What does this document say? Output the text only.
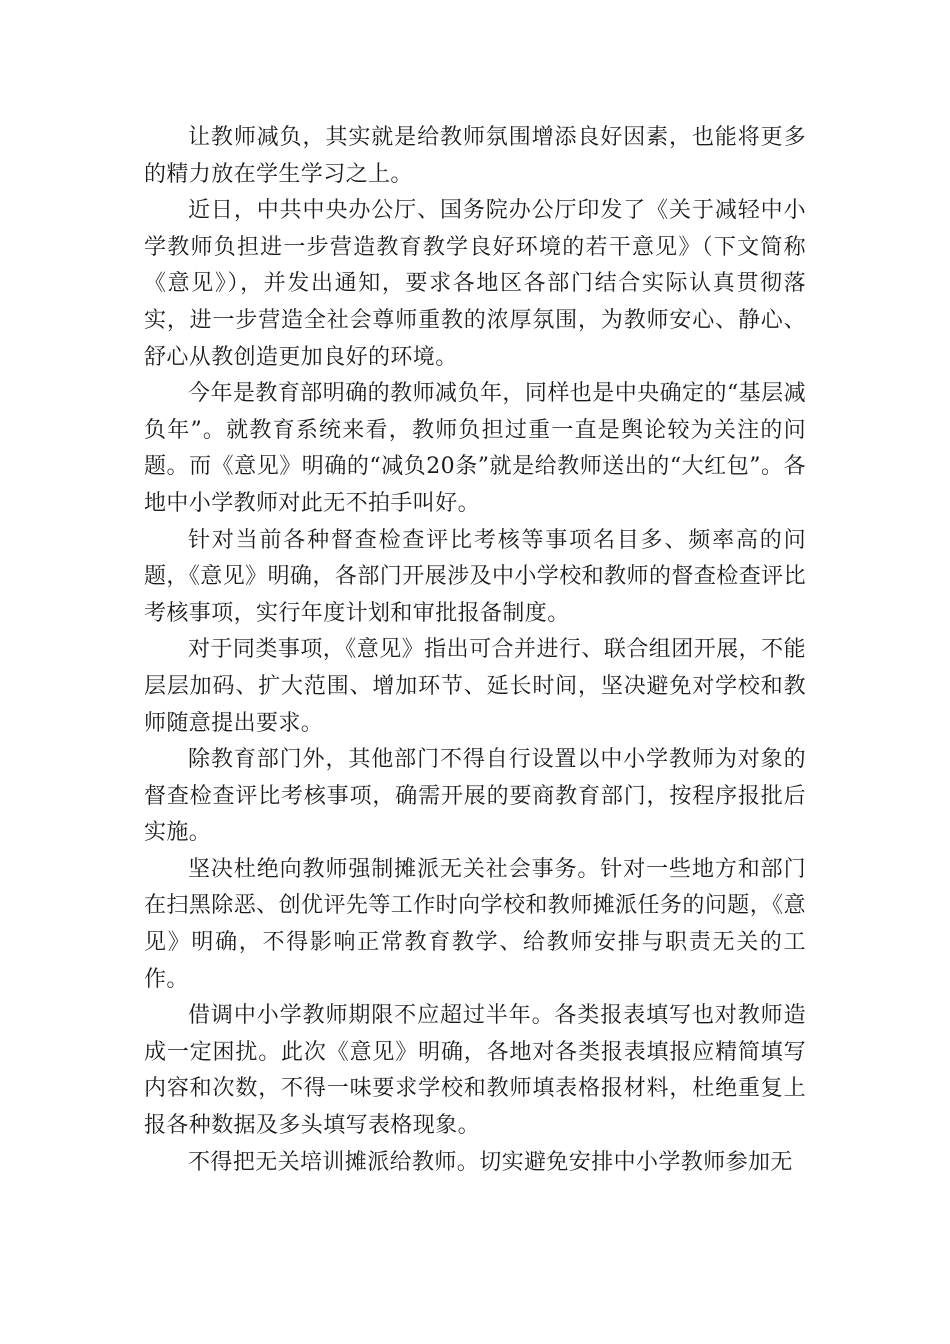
让教师减负，其实就是给教师氛围增添良好因素，也能将更多的精力放在学生学习之上。

近日，中共中央办公厅、国务院办公厅印发了《关于减轻中小学教师负担进一步营造教育教学良好环境的若干意见》（下文简称《意见》），并发出通知，要求各地区各部门结合实际认真贯彻落实，进一步营造全社会尊师重教的浓厚氛围，为教师安心、静心、舒心从教创造更加良好的环境。

今年是教育部明确的教师减负年，同样也是中央确定的“基层减负年”。就教育系统来看，教师负担过重一直是舆论较为关注的问题。而《意见》明确的“减负20条”就是给教师送出的“大红包”。各地中小学教师对此无不拍手叫好。

针对当前各种督查检查评比考核等事项名目多、频率高的问题，《意见》明确，各部门开展涉及中小学校和教师的督查检查评比考核事项，实行年度计划和审批报备制度。

对于同类事项，《意见》指出可合并进行、联合组团开展，不能层层加码、扩大范围、增加环节、延长时间，坚决避免对学校和教师随意提出要求。

除教育部门外，其他部门不得自行设置以中小学教师为对象的督查检查评比考核事项，确需开展的要商教育部门，按程序报批后实施。

坚决杜绝向教师强制摊派无关社会事务。针对一些地方和部门在扫黑除恶、创优评先等工作时向学校和教师摊派任务的问题，《意见》明确，不得影响正常教育教学、给教师安排与职责无关的工作。

借调中小学教师期限不应超过半年。各类报表填写也对教师造成一定困扰。此次《意见》明确，各地对各类报表填报应精简填写内容和次数，不得一味要求学校和教师填表格报材料，杜绝重复上报各种数据及多头填写表格现象。

不得把无关培训摊派给教师。切实避免安排中小学教师参加无
